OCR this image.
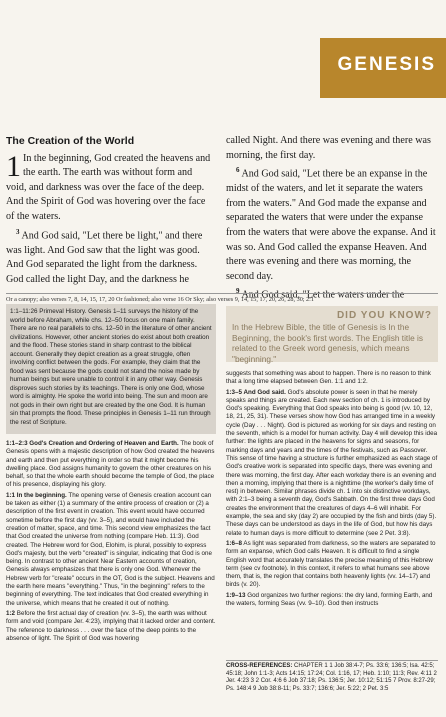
GENESIS
The Creation of the World

1 In the beginning, God created the heavens and the earth. The earth was without form and void, and darkness was over the face of the deep. And the Spirit of God was hovering over the face of the waters.

$^3$ And God said, "Let there be light," and there was light. And God saw that the light was good. And God separated the light from the darkness. God called the light Day, and the darkness he

called Night. And there was evening and there was morning, the first day.

$^6$ And God said, "Let there be an expanse in the midst of the waters, and let it separate the waters from the waters." And God made the expanse and separated the waters that were under the expanse from the waters that were above the expanse. And it was so. And God called the expanse Heaven. And there was evening and there was morning, the second day.

$^9$ And God said, "Let the waters under the

Or a canopy; also verses 7, 8, 14, 15, 17, 20 Or fashioned; also verse 16 Or Sky; also verses 9, 14, 15, 17, 20, 26, 28, 30; 2:1
1:1–11:26 Primeval History. Genesis 1–11 surveys the history of the world before Abraham, while chs. 12–50 focus on one main family. There are no real parallels to chs. 12–50 in the literature of other ancient civilizations. However, other ancient stories do exist about both creation and the flood. These stories stand in sharp contrast to the biblical account. Generally they depict creation as a great struggle, often involving conflict between the gods. For example, they claim that the flood was sent because the gods could not stand the noise made by human beings but were unable to control it in any other way. Genesis disproves such stories by its teachings. There is only one God, whose word is almighty. He spoke the world into being. The sun and moon are not gods in their own right but are created by the one God. It is human sin that prompts the flood. These principles in Genesis 1–11 run through the rest of Scripture.
DID YOU KNOW?
In the Hebrew Bible, the title of Genesis is In the Beginning, the book's first words. The English title is related to the Greek word genesis, which means "beginning."

1:1–2:3 God's Creation and Ordering of Heaven and Earth. The book of Genesis opens with a majestic description of how God created the heavens and earth and then put everything in order so that it might become his dwelling place. God assigns humanity to govern the other creatures on his behalf, so that the whole earth should become the temple of God, the place of his presence, displaying his glory.

1:1 In the beginning. The opening verse of Genesis creation account can be taken as either (1) a summary of the entire process of creation or (2) a description of the first event in creation. This event would have occurred sometime before the first day (vv. 3–5), and would have included the creation of matter, space, and time. This second view emphasizes the fact that God created the universe from nothing (compare Heb. 11:3). God created. The Hebrew word for God, Elohim, is plural, possibly to express God's majesty, but the verb "created" is singular, indicating that God is one being. In contrast to other ancient Near Eastern accounts of creation, Genesis always emphasizes that there is only one God. Whenever the Hebrew verb for "create" occurs in the OT, God is the subject. Heavens and the earth here means "everything." Thus, "in the beginning" refers to the beginning of everything. The text indicates that God created everything in the universe, which means that he created it out of nothing.

1:2 Before the first actual day of creation (vv. 3–5), the earth was without form and void (compare Jer. 4:23), implying that it lacked order and content. The reference to darkness . . . over the face of the deep points to the absence of light. The Spirit of God was hovering

suggests that something was about to happen. There is no reason to think that a long time elapsed between Gen. 1:1 and 1:2.

1:3–5 And God said. God's absolute power is seen in that he merely speaks and things are created. Each new section of ch. 1 is introduced by God's speaking. Everything that God speaks into being is good (vv. 10, 12, 18, 21, 25, 31). These verses show how God has arranged time in a weekly cycle (Day . . . Night). God is pictured as working for six days and resting on the seventh, which is a model for human activity. Day 4 will develop this idea further: the lights are placed in the heavens for signs and seasons, for marking days and years and the times of the festivals, such as Passover. This sense of time having a structure is further emphasized as each stage of God's creative work is separated into specific days, there was evening and there was morning, the first day. After each workday there is an evening and then a morning, implying that there is a nighttime (the worker's daily time of rest) in between. Similar phrases divide ch. 1 into six distinctive workdays, with 2:1–3 being a seventh day, God's Sabbath. On the first three days God creates the environment that the creatures of days 4–6 will inhabit. For example, the sea and sky (day 2) are occupied by the fish and birds (day 5). These days can be understood as days in the life of God, but how his days relate to human days is more difficult to determine (see 2 Pet. 3:8).

1:6–8 As light was separated from darkness, so the waters are separated to form an expanse, which God calls Heaven. It is difficult to find a single English word that accurately translates the precise meaning of this Hebrew term (see cv footnote). In this context, it refers to what humans see above them, that is, the region that contains both heavenly lights (vv. 14–17) and birds (v. 20).

1:9–13 God organizes two further regions: the dry land, forming Earth, and the waters, forming Seas (vv. 9–10). God then instructs

CROSS-REFERENCES: CHAPTER 1 1 Job 38:4-7; Ps. 33:6; 136:5; Isa. 42:5; 45:18; John 1:1-3; Acts 14:15; 17:24; Col. 1:16, 17; Heb. 1:10; 11:3; Rev. 4:11 2 Jer. 4:23 3 2 Cor. 4:6 6 Job 37:18; Ps. 136:5; Jer. 10:12; 51:15 7 Prov. 8:27-29; Ps. 148:4 9 Job 38:8-11; Ps. 33:7; 136:6; Jer. 5:22; 2 Pet. 3:5
